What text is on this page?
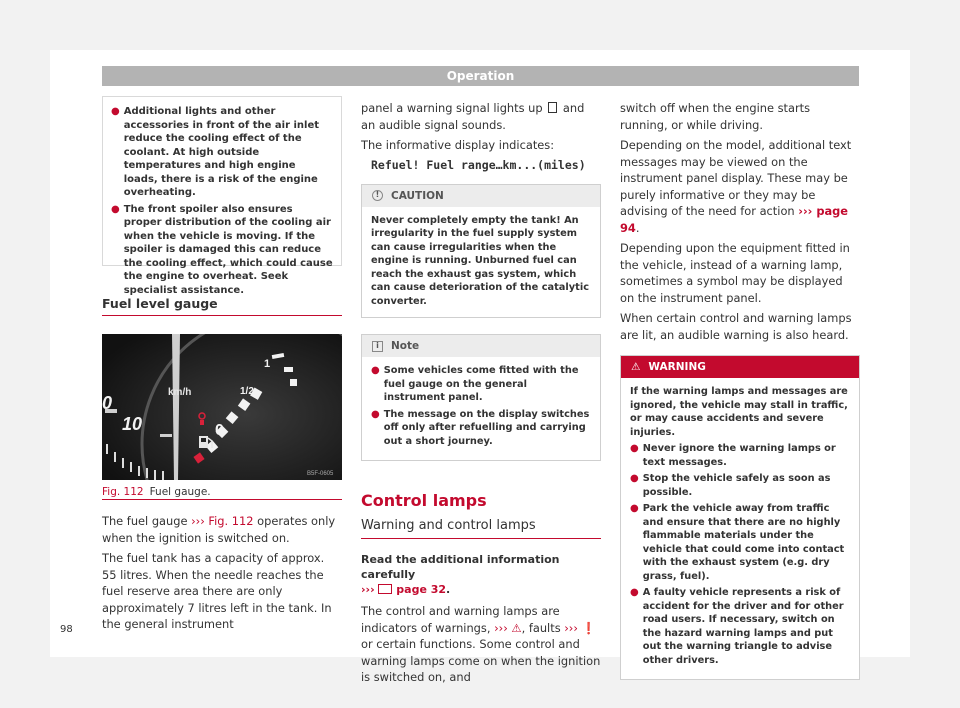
Operation
● Additional lights and other accessories in front of the air inlet reduce the cooling effect of the coolant. At high outside temperatures and high engine loads, there is a risk of the engine overheating.
● The front spoiler also ensures proper distribution of the cooling air when the vehicle is moving. If the spoiler is damaged this can reduce the cooling effect, which could cause the engine to overheat. Seek specialist assistance.
Fuel level gauge
km/h
1
1/2
0
10
0
B5F-0605
Fig. 112 Fuel gauge.
The fuel gauge ››› Fig. 112 operates only when the ignition is switched on.
The fuel tank has a capacity of approx. 55 litres. When the needle reaches the fuel reserve area there are only approximately 7 litres left in the tank. In the general instrument
panel a warning signal lights up and an audible signal sounds.
The informative display indicates:
Refuel! Fuel range…km...(miles)
!	CAUTION
Never completely empty the tank! An irregularity in the fuel supply system can cause irregularities when the engine is running. Unburned fuel can reach the exhaust gas system, which can cause deterioration of the catalytic converter.
i	Note
● Some vehicles come fitted with the fuel gauge on the general instrument panel.
● The message on the display switches off only after refuelling and carrying out a short journey.
Control lamps
Warning and control lamps
Read the additional information carefully
›››  page 32.
The control and warning lamps are indicators of warnings, ››› ⚠, faults ››› ❗ or certain functions. Some control and warning lamps come on when the ignition is switched on, and
switch off when the engine starts running, or while driving.
Depending on the model, additional text messages may be viewed on the instrument panel display. These may be purely informative or they may be advising of the need for action ››› page 94.
Depending upon the equipment fitted in the vehicle, instead of a warning lamp, sometimes a symbol may be displayed on the instrument panel.
When certain control and warning lamps are lit, an audible warning is also heard.
⚠ WARNING
If the warning lamps and messages are ignored, the vehicle may stall in traffic, or may cause accidents and severe injuries.
● Never ignore the warning lamps or text messages.
● Stop the vehicle safely as soon as possible.
● Park the vehicle away from traffic and ensure that there are no highly flammable materials under the vehicle that could come into contact with the exhaust system (e.g. dry grass, fuel).
● A faulty vehicle represents a risk of accident for the driver and for other road users. If necessary, switch on the hazard warning lamps and put out the warning triangle to advise other drivers.
98
